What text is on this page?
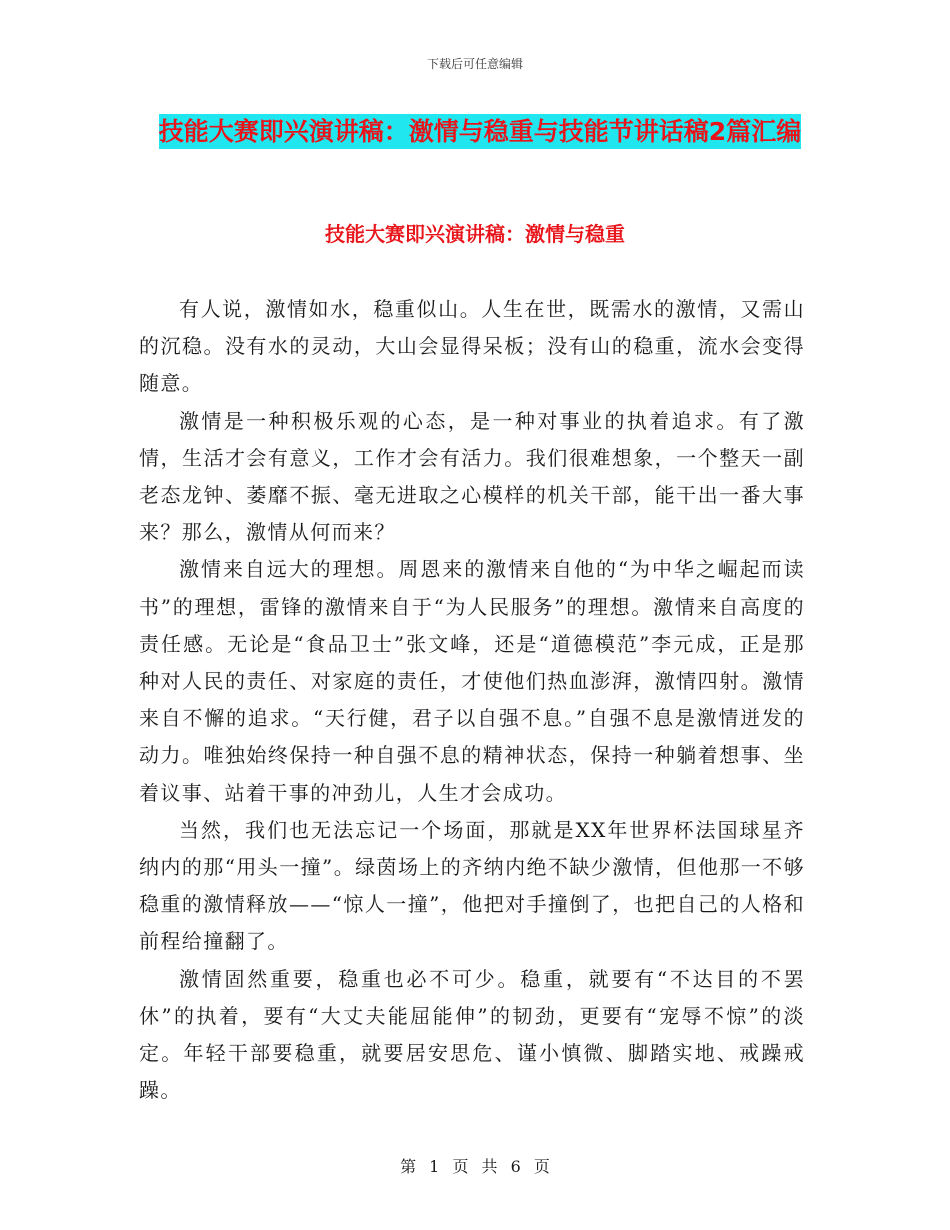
下载后可任意编辑
技能大赛即兴演讲稿：激情与稳重与技能节讲话稿2篇汇编
技能大赛即兴演讲稿：激情与稳重

有人说，激情如水，稳重似山。人生在世，既需水的激情，又需山的沉稳。没有水的灵动，大山会显得呆板；没有山的稳重，流水会变得随意。

激情是一种积极乐观的心态，是一种对事业的执着追求。有了激情，生活才会有意义，工作才会有活力。我们很难想象，一个整天一副老态龙钟、萎靡不振、毫无进取之心模样的机关干部，能干出一番大事来？那么，激情从何而来？

激情来自远大的理想。周恩来的激情来自他的“为中华之崛起而读书”的理想，雷锋的激情来自于“为人民服务”的理想。激情来自高度的责任感。无论是“食品卫士”张文峰，还是“道德模范”李元成，正是那种对人民的责任、对家庭的责任，才使他们热血澎湃，激情四射。激情来自不懈的追求。“天行健，君子以自强不息。”自强不息是激情迸发的动力。唯独始终保持一种自强不息的精神状态，保持一种躺着想事、坐着议事、站着干事的冲劲儿，人生才会成功。

当然，我们也无法忘记一个场面，那就是XX年世界杯法国球星齐纳内的那“用头一撞”。绿茵场上的齐纳内绝不缺少激情，但他那一不够稳重的激情释放——“惊人一撞”，他把对手撞倒了，也把自己的人格和前程给撞翻了。

激情固然重要，稳重也必不可少。稳重，就要有“不达目的不罢休”的执着，要有“大丈夫能屈能伸”的韧劲，更要有“宠辱不惊”的淡定。年轻干部要稳重，就要居安思危、谨小慎微、脚踏实地、戒躁戒躁。

第 1 页 共 6 页
